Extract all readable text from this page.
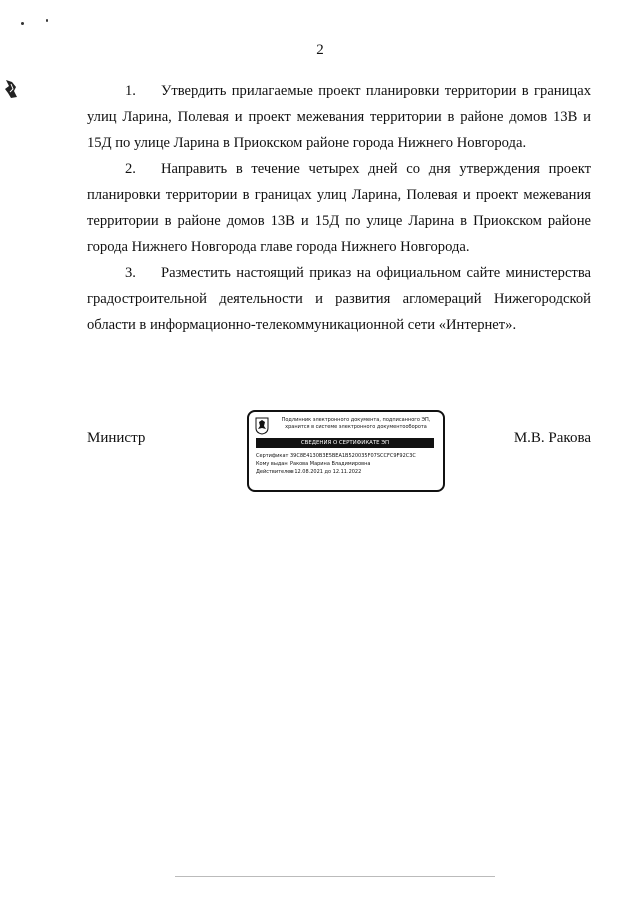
2

1. Утвердить прилагаемые проект планировки территории в границах улиц Ларина, Полевая и проект межевания территории в районе домов 13В и 15Д по улице Ларина в Приокском районе города Нижнего Новгорода.

2. Направить в течение четырех дней со дня утверждения проект планировки территории в границах улиц Ларина, Полевая и проект межевания территории в районе домов 13В и 15Д по улице Ларина в Приокском районе города Нижнего Новгорода главе города Нижнего Новгорода.

3. Разместить настоящий приказ на официальном сайте министерства градостроительной деятельности и развития агломераций Нижегородской области в информационно-телекоммуникационной сети «Интернет».

Министр
Подлинник электронного документа, подписанного ЭП,
хранится в системе электронного документооборота
СВЕДЕНИЯ О СЕРТИФИКАТЕ ЭП
Сертификат 39C8E4130B3E5BEA1B520035F07SCCFC9F92C3C
Кому выдан Ракова Марина Владимировна
Действителенс 12.08.2021 до 12.11.2022
М.В. Ракова
